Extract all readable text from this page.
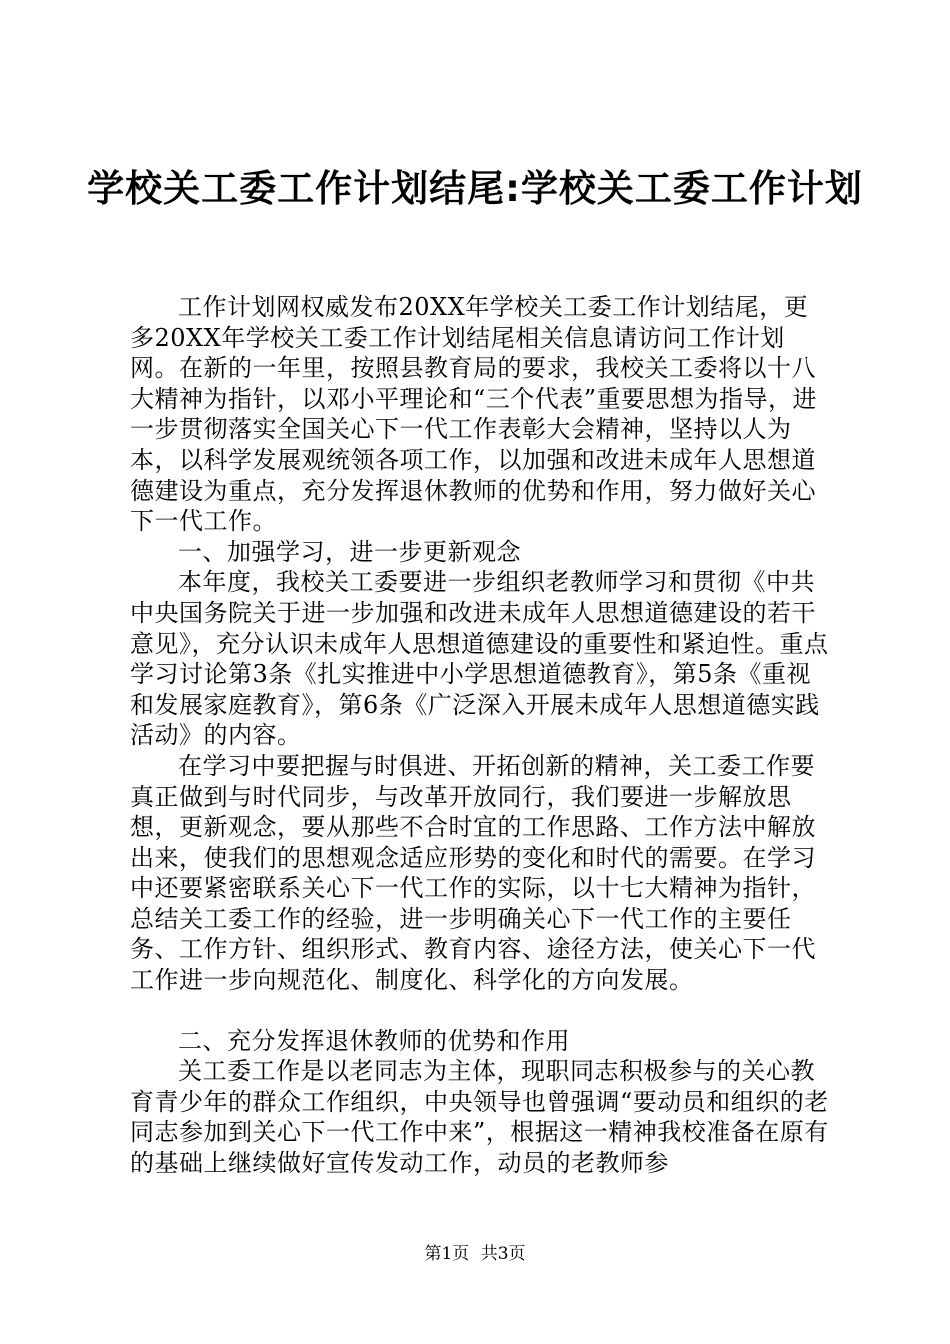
学校关工委工作计划结尾:学校关工委工作计划

工作计划网权威发布20XX年学校关工委工作计划结尾，更多20XX年学校关工委工作计划结尾相关信息请访问工作计划网。在新的一年里，按照县教育局的要求，我校关工委将以十八大精神为指针，以邓小平理论和“三个代表”重要思想为指导，进一步贯彻落实全国关心下一代工作表彰大会精神，坚持以人为本，以科学发展观统领各项工作，以加强和改进未成年人思想道德建设为重点，充分发挥退休教师的优势和作用，努力做好关心下一代工作。

一、加强学习，进一步更新观念

本年度，我校关工委要进一步组织老教师学习和贯彻《中共中央国务院关于进一步加强和改进未成年人思想道德建设的若干意见》，充分认识未成年人思想道德建设的重要性和紧迫性。重点学习讨论第3条《扎实推进中小学思想道德教育》，第5条《重视和发展家庭教育》，第6条《广泛深入开展未成年人思想道德实践活动》的内容。

在学习中要把握与时俱进、开拓创新的精神，关工委工作要真正做到与时代同步，与改革开放同行，我们要进一步解放思想，更新观念，要从那些不合时宜的工作思路、工作方法中解放出来，使我们的思想观念适应形势的变化和时代的需要。在学习中还要紧密联系关心下一代工作的实际，以十七大精神为指针，总结关工委工作的经验，进一步明确关心下一代工作的主要任务、工作方针、组织形式、教育内容、途径方法，使关心下一代工作进一步向规范化、制度化、科学化的方向发展。

二、充分发挥退休教师的优势和作用

关工委工作是以老同志为主体，现职同志积极参与的关心教育青少年的群众工作组织，中央领导也曾强调“要动员和组织的老同志参加到关心下一代工作中来”，根据这一精神我校准备在原有的基础上继续做好宣传发动工作，动员的老教师参

第1页 共3页
